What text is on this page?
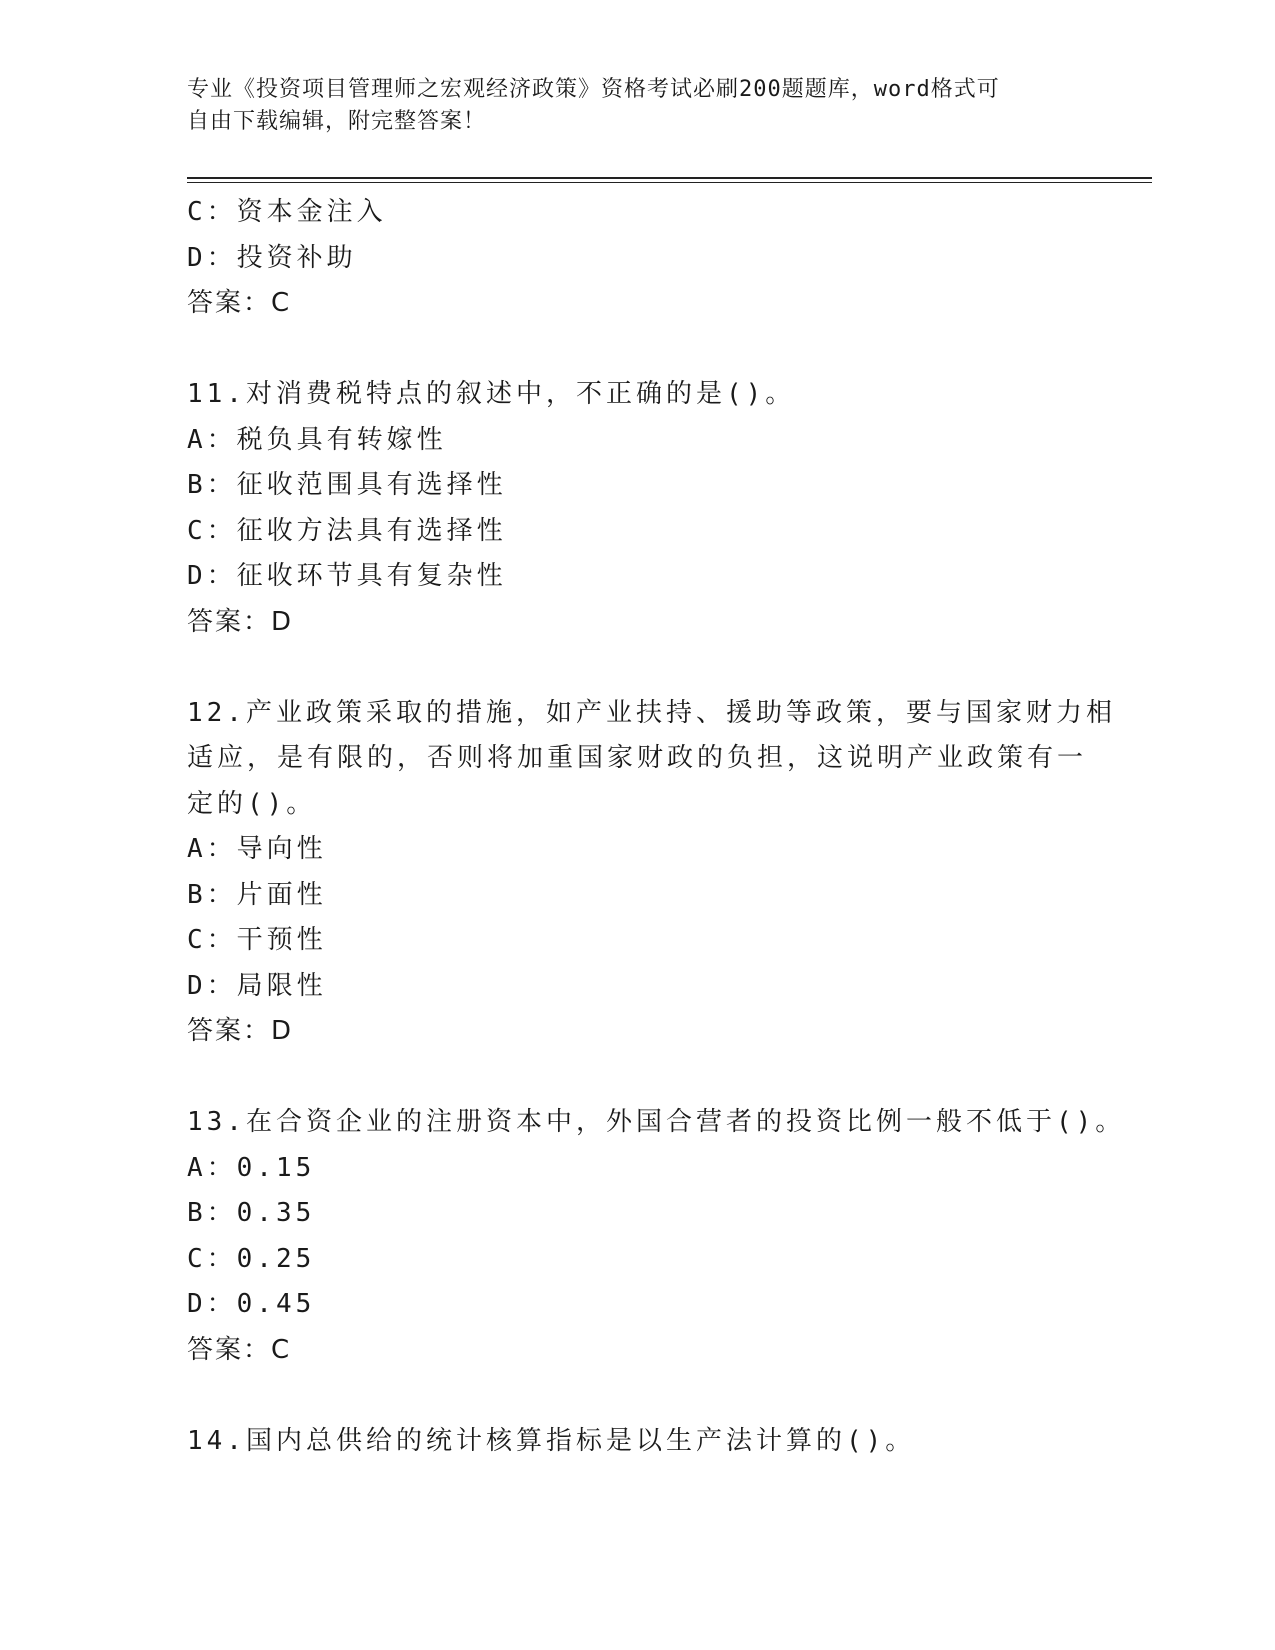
专业《投资项目管理师之宏观经济政策》资格考试必刷200题题库，word格式可
自由下载编辑，附完整答案！
C：资本金注入
D：投资补助
答案：C
11.对消费税特点的叙述中，不正确的是()。
A：税负具有转嫁性
B：征收范围具有选择性
C：征收方法具有选择性
D：征收环节具有复杂性
答案：D
12.产业政策采取的措施，如产业扶持、援助等政策，要与国家财力相
适应，是有限的，否则将加重国家财政的负担，这说明产业政策有一
定的()。
A：导向性
B：片面性
C：干预性
D：局限性
答案：D
13.在合资企业的注册资本中，外国合营者的投资比例一般不低于()。
A：0.15
B：0.35
C：0.25
D：0.45
答案：C
14.国内总供给的统计核算指标是以生产法计算的()。
